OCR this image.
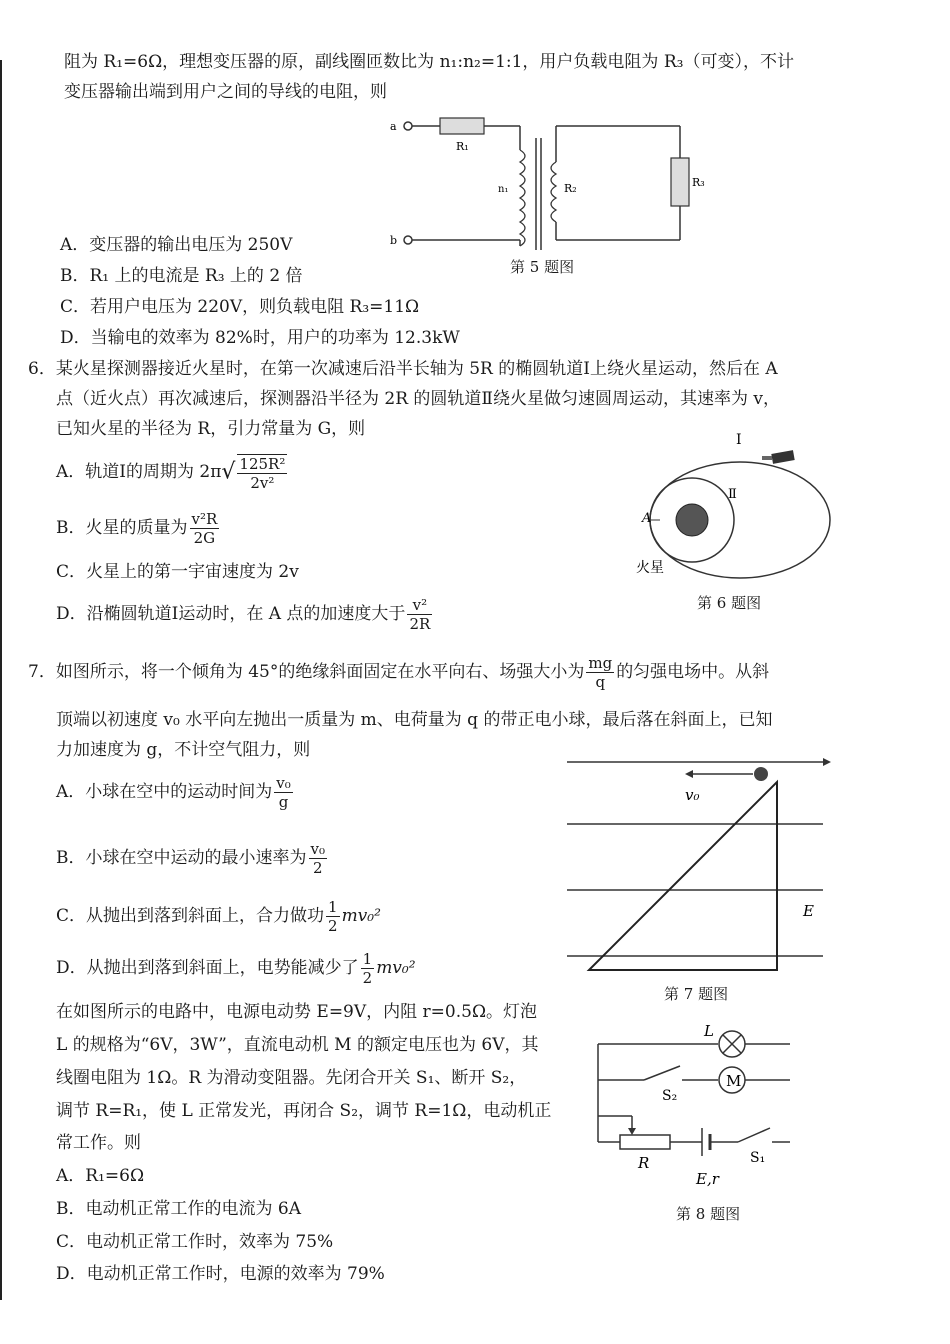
阻为 R₁=6Ω，理想变压器的原，副线圈匝数比为 n₁:n₂=1:1，用户负载电阻为 R₃（可变），不计
变压器输出端到用户之间的导线的电阻，则
a
b
R₁
R₂	R₃
n₁
第 5 题图
A．变压器的输出电压为 250V
B．R₁ 上的电流是 R₃ 上的 2 倍
C．若用户电压为 220V，则负载电阻 R₃=11Ω
D．当输电的效率为 82%时，用户的功率为 12.3kW
6．某火星探测器接近火星时，在第一次减速后沿半长轴为 5R 的椭圆轨道Ⅰ上绕火星运动，然后在 A
点（近火点）再次减速后，探测器沿半径为 2R 的圆轨道Ⅱ绕火星做匀速圆周运动，其速率为 v，
已知火星的半径为 R，引力常量为 G，则
A．轨道Ⅰ的周期为 $2\pi√ \frac{\text{125R²}}{\text{2v²}}$
B．火星的质量为 $\frac{\text{v²R}}{2G}$
C．火星上的第一宇宙速度为 2v
D．沿椭圆轨道Ⅰ运动时，在 A 点的加速度大于 $\frac{\text{v²}}{2R}$
Ⅰ
Ⅱ
A
火星
第 6 题图
7．如图所示，将一个倾角为 45°的绝缘斜面固定在水平向右、场强大小为 $\frac{mg}{q}$ 的匀强电场中。从斜
顶端以初速度 v₀ 水平向左抛出一质量为 m、电荷量为 q 的带正电小球，最后落在斜面上，已知
力加速度为 g，不计空气阻力，则
A．小球在空中的运动时间为 $\frac{\text{v₀}}{g}$
B．小球在空中运动的最小速率为 $\frac{\text{v₀}}{2}$
C．从抛出到落到斜面上，合力做功 $\frac{1}{2} mv_0^2$
D．从抛出到落到斜面上，电势能减少了 $\frac{1}{2} mv_0^2$
v₀
E
第 7 题图
在如图所示的电路中，电源电动势 E=9V，内阻 r=0.5Ω。灯泡
L 的规格为“6V，3W”，直流电动机 M 的额定电压也为 6V，其
线圈电阻为 1Ω。R 为滑动变阻器。先闭合开关 S₁、断开 S₂，
调节 R=R₁，使 L 正常发光，再闭合 S₂，调节 R=1Ω，电动机正
常工作。则
A．R₁=6Ω
B．电动机正常工作的电流为 6A
C．电动机正常工作时，效率为 75%
D．电动机正常工作时，电源的效率为 79%
L
M
S₂
S₁
R
E,r
第 8 题图
